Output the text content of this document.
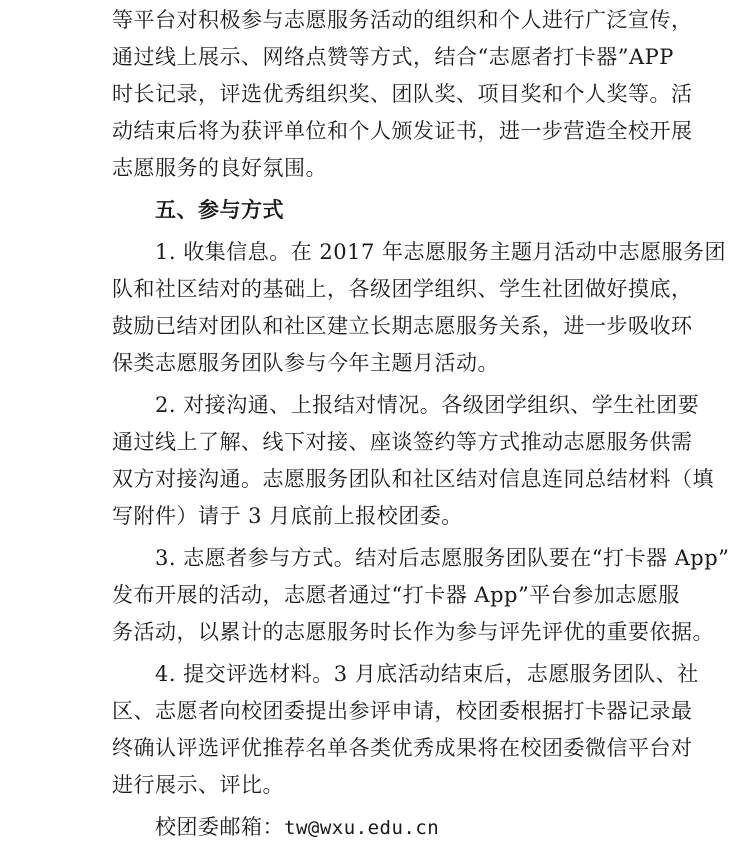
等平台对积极参与志愿服务活动的组织和个人进行广泛宣传，

通过线上展示、网络点赞等方式，结合“志愿者打卡器”APP

时长记录，评选优秀组织奖、团队奖、项目奖和个人奖等。活

动结束后将为获评单位和个人颁发证书，进一步营造全校开展

志愿服务的良好氛围。

五、参与方式

1. 收集信息。在 2017 年志愿服务主题月活动中志愿服务团

队和社区结对的基础上，各级团学组织、学生社团做好摸底，

鼓励已结对团队和社区建立长期志愿服务关系，进一步吸收环

保类志愿服务团队参与今年主题月活动。

2. 对接沟通、上报结对情况。各级团学组织、学生社团要

通过线上了解、线下对接、座谈签约等方式推动志愿服务供需

双方对接沟通。志愿服务团队和社区结对信息连同总结材料（填

写附件）请于 3 月底前上报校团委。

3. 志愿者参与方式。结对后志愿服务团队要在“打卡器 App”

发布开展的活动，志愿者通过“打卡器 App”平台参加志愿服

务活动，以累计的志愿服务时长作为参与评先评优的重要依据。

4. 提交评选材料。3 月底活动结束后，志愿服务团队、社

区、志愿者向校团委提出参评申请，校团委根据打卡器记录最

终确认评选评优推荐名单各类优秀成果将在校团委微信平台对

进行展示、评比。

校团委邮箱：tw@wxu.edu.cn
